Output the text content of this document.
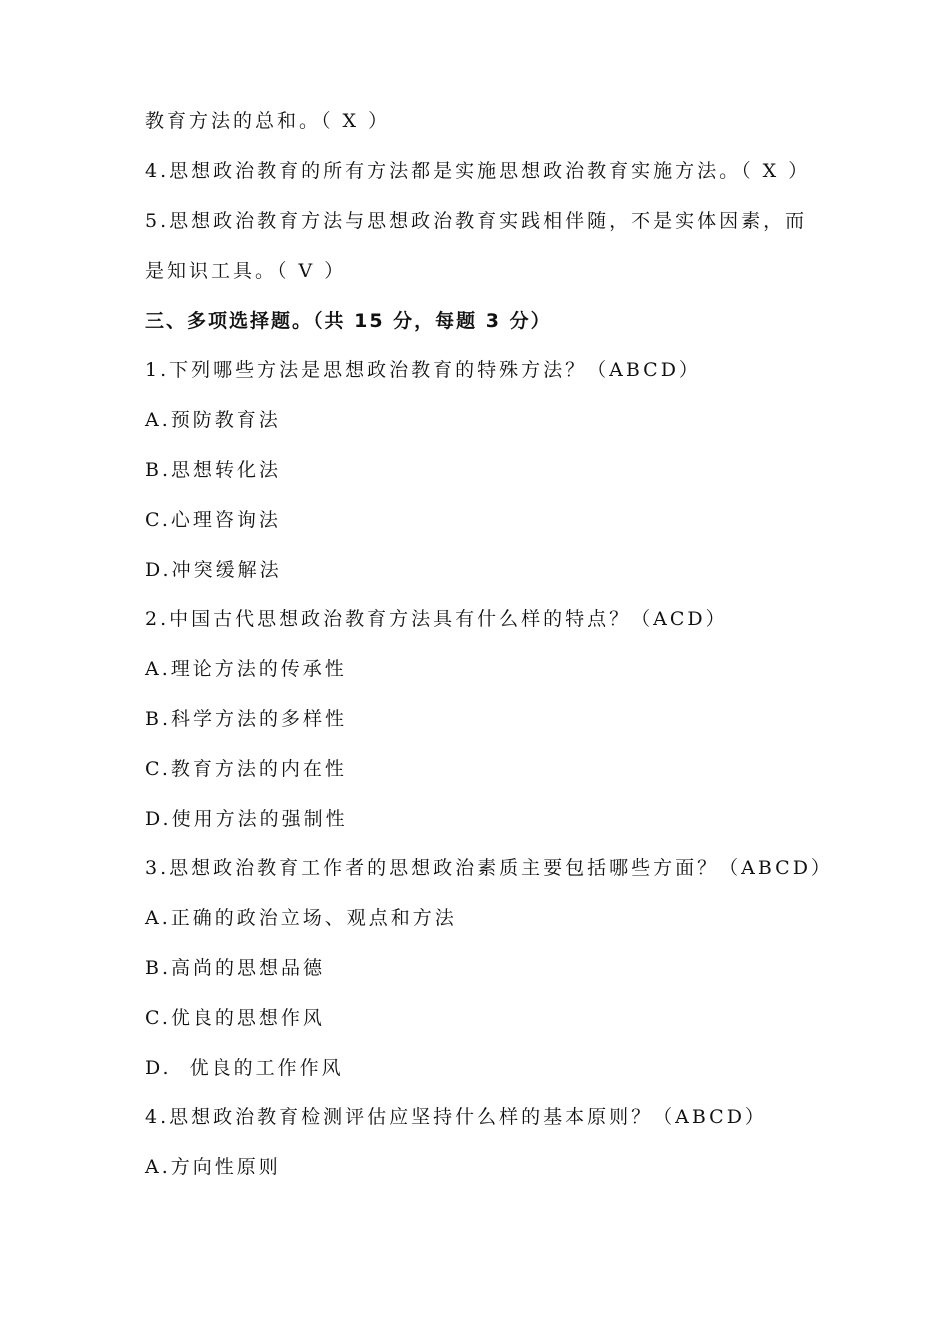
教育方法的总和。（ X ）
4.思想政治教育的所有方法都是实施思想政治教育实施方法。（ X ）
5.思想政治教育方法与思想政治教育实践相伴随，不是实体因素，而
是知识工具。（ V ）
三、多项选择题。（共 15 分，每题 3 分）
1.下列哪些方法是思想政治教育的特殊方法？（ABCD）
A.预防教育法
B.思想转化法
C.心理咨询法
D.冲突缓解法
2.中国古代思想政治教育方法具有什么样的特点？（ACD）
A.理论方法的传承性
B.科学方法的多样性
C.教育方法的内在性
D.使用方法的强制性
3.思想政治教育工作者的思想政治素质主要包括哪些方面？（ABCD）
A.正确的政治立场、观点和方法
B.高尚的思想品德
C.优良的思想作风
D.  优良的工作作风
4.思想政治教育检测评估应坚持什么样的基本原则？（ABCD）
A.方向性原则
